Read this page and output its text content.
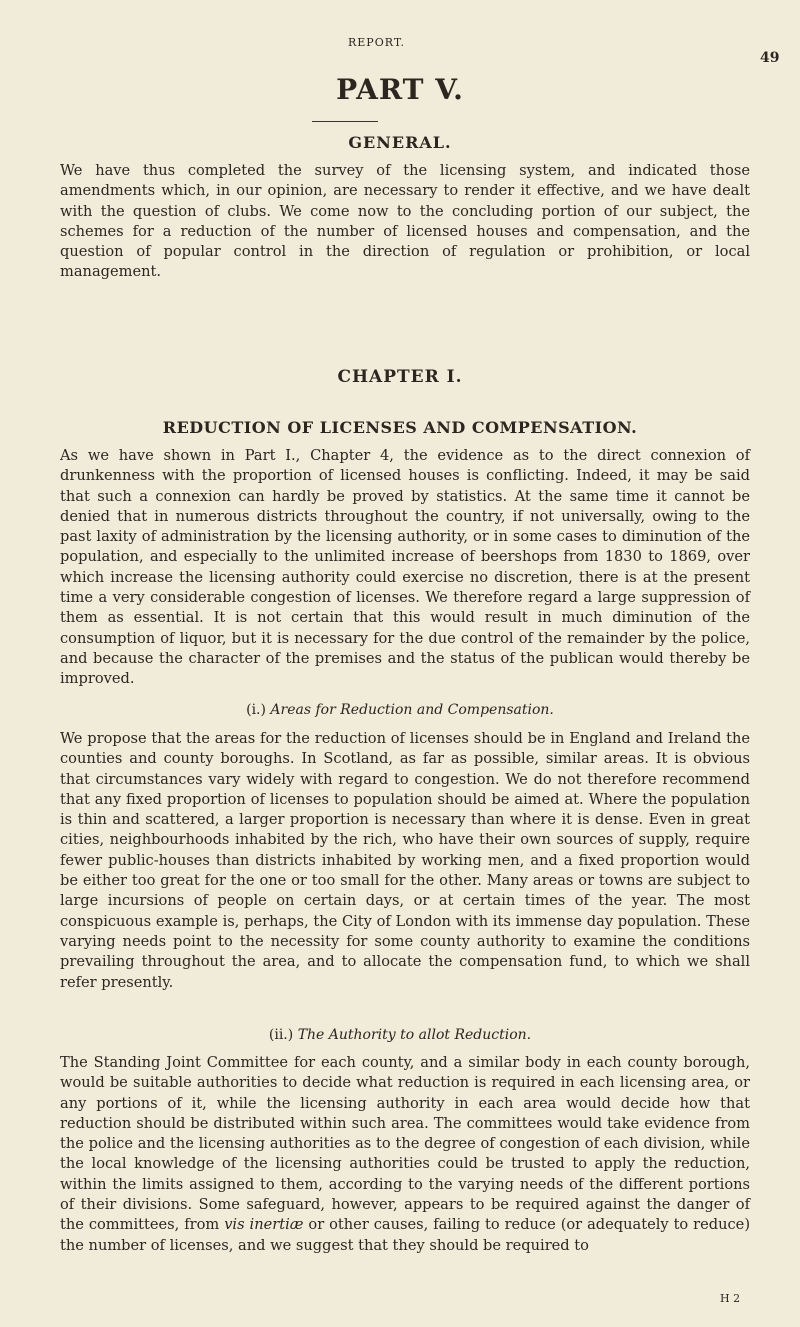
REPORT.
49
PART V.
GENERAL.

We have thus completed the survey of the licensing system, and indicated those amendments which, in our opinion, are necessary to render it effective, and we have dealt with the question of clubs. We come now to the concluding portion of our subject, the schemes for a reduction of the number of licensed houses and compensation, and the question of popular control in the direction of regulation or prohibition, or local management.

CHAPTER I.
REDUCTION OF LICENSES AND COMPENSATION.

As we have shown in Part I., Chapter 4, the evidence as to the direct connexion of drunkenness with the proportion of licensed houses is conflicting. Indeed, it may be said that such a connexion can hardly be proved by statistics. At the same time it cannot be denied that in numerous districts throughout the country, if not universally, owing to the past laxity of administration by the licensing authority, or in some cases to diminution of the population, and especially to the unlimited increase of beershops from 1830 to 1869, over which increase the licensing authority could exercise no discretion, there is at the present time a very considerable congestion of licenses. We therefore regard a large suppression of them as essential. It is not certain that this would result in much diminution of the consumption of liquor, but it is necessary for the due control of the remainder by the police, and because the character of the premises and the status of the publican would thereby be improved.

(i.) Areas for Reduction and Compensation.

We propose that the areas for the reduction of licenses should be in England and Ireland the counties and county boroughs. In Scotland, as far as possible, similar areas. It is obvious that circumstances vary widely with regard to congestion. We do not therefore recommend that any fixed proportion of licenses to population should be aimed at. Where the population is thin and scattered, a larger proportion is necessary than where it is dense. Even in great cities, neighbourhoods inhabited by the rich, who have their own sources of supply, require fewer public-houses than districts inhabited by working men, and a fixed proportion would be either too great for the one or too small for the other. Many areas or towns are subject to large incursions of people on certain days, or at certain times of the year. The most conspicuous example is, perhaps, the City of London with its immense day population. These varying needs point to the necessity for some county authority to examine the conditions prevailing throughout the area, and to allocate the compensation fund, to which we shall refer presently.

(ii.) The Authority to allot Reduction.

The Standing Joint Committee for each county, and a similar body in each county borough, would be suitable authorities to decide what reduction is required in each licensing area, or any portions of it, while the licensing authority in each area would decide how that reduction should be distributed within such area. The committees would take evidence from the police and the licensing authorities as to the degree of congestion of each division, while the local knowledge of the licensing authorities could be trusted to apply the reduction, within the limits assigned to them, according to the varying needs of the different portions of their divisions. Some safeguard, however, appears to be required against the danger of the committees, from vis inertiæ or other causes, failing to reduce (or adequately to reduce) the number of licenses, and we suggest that they should be required to

H 2
